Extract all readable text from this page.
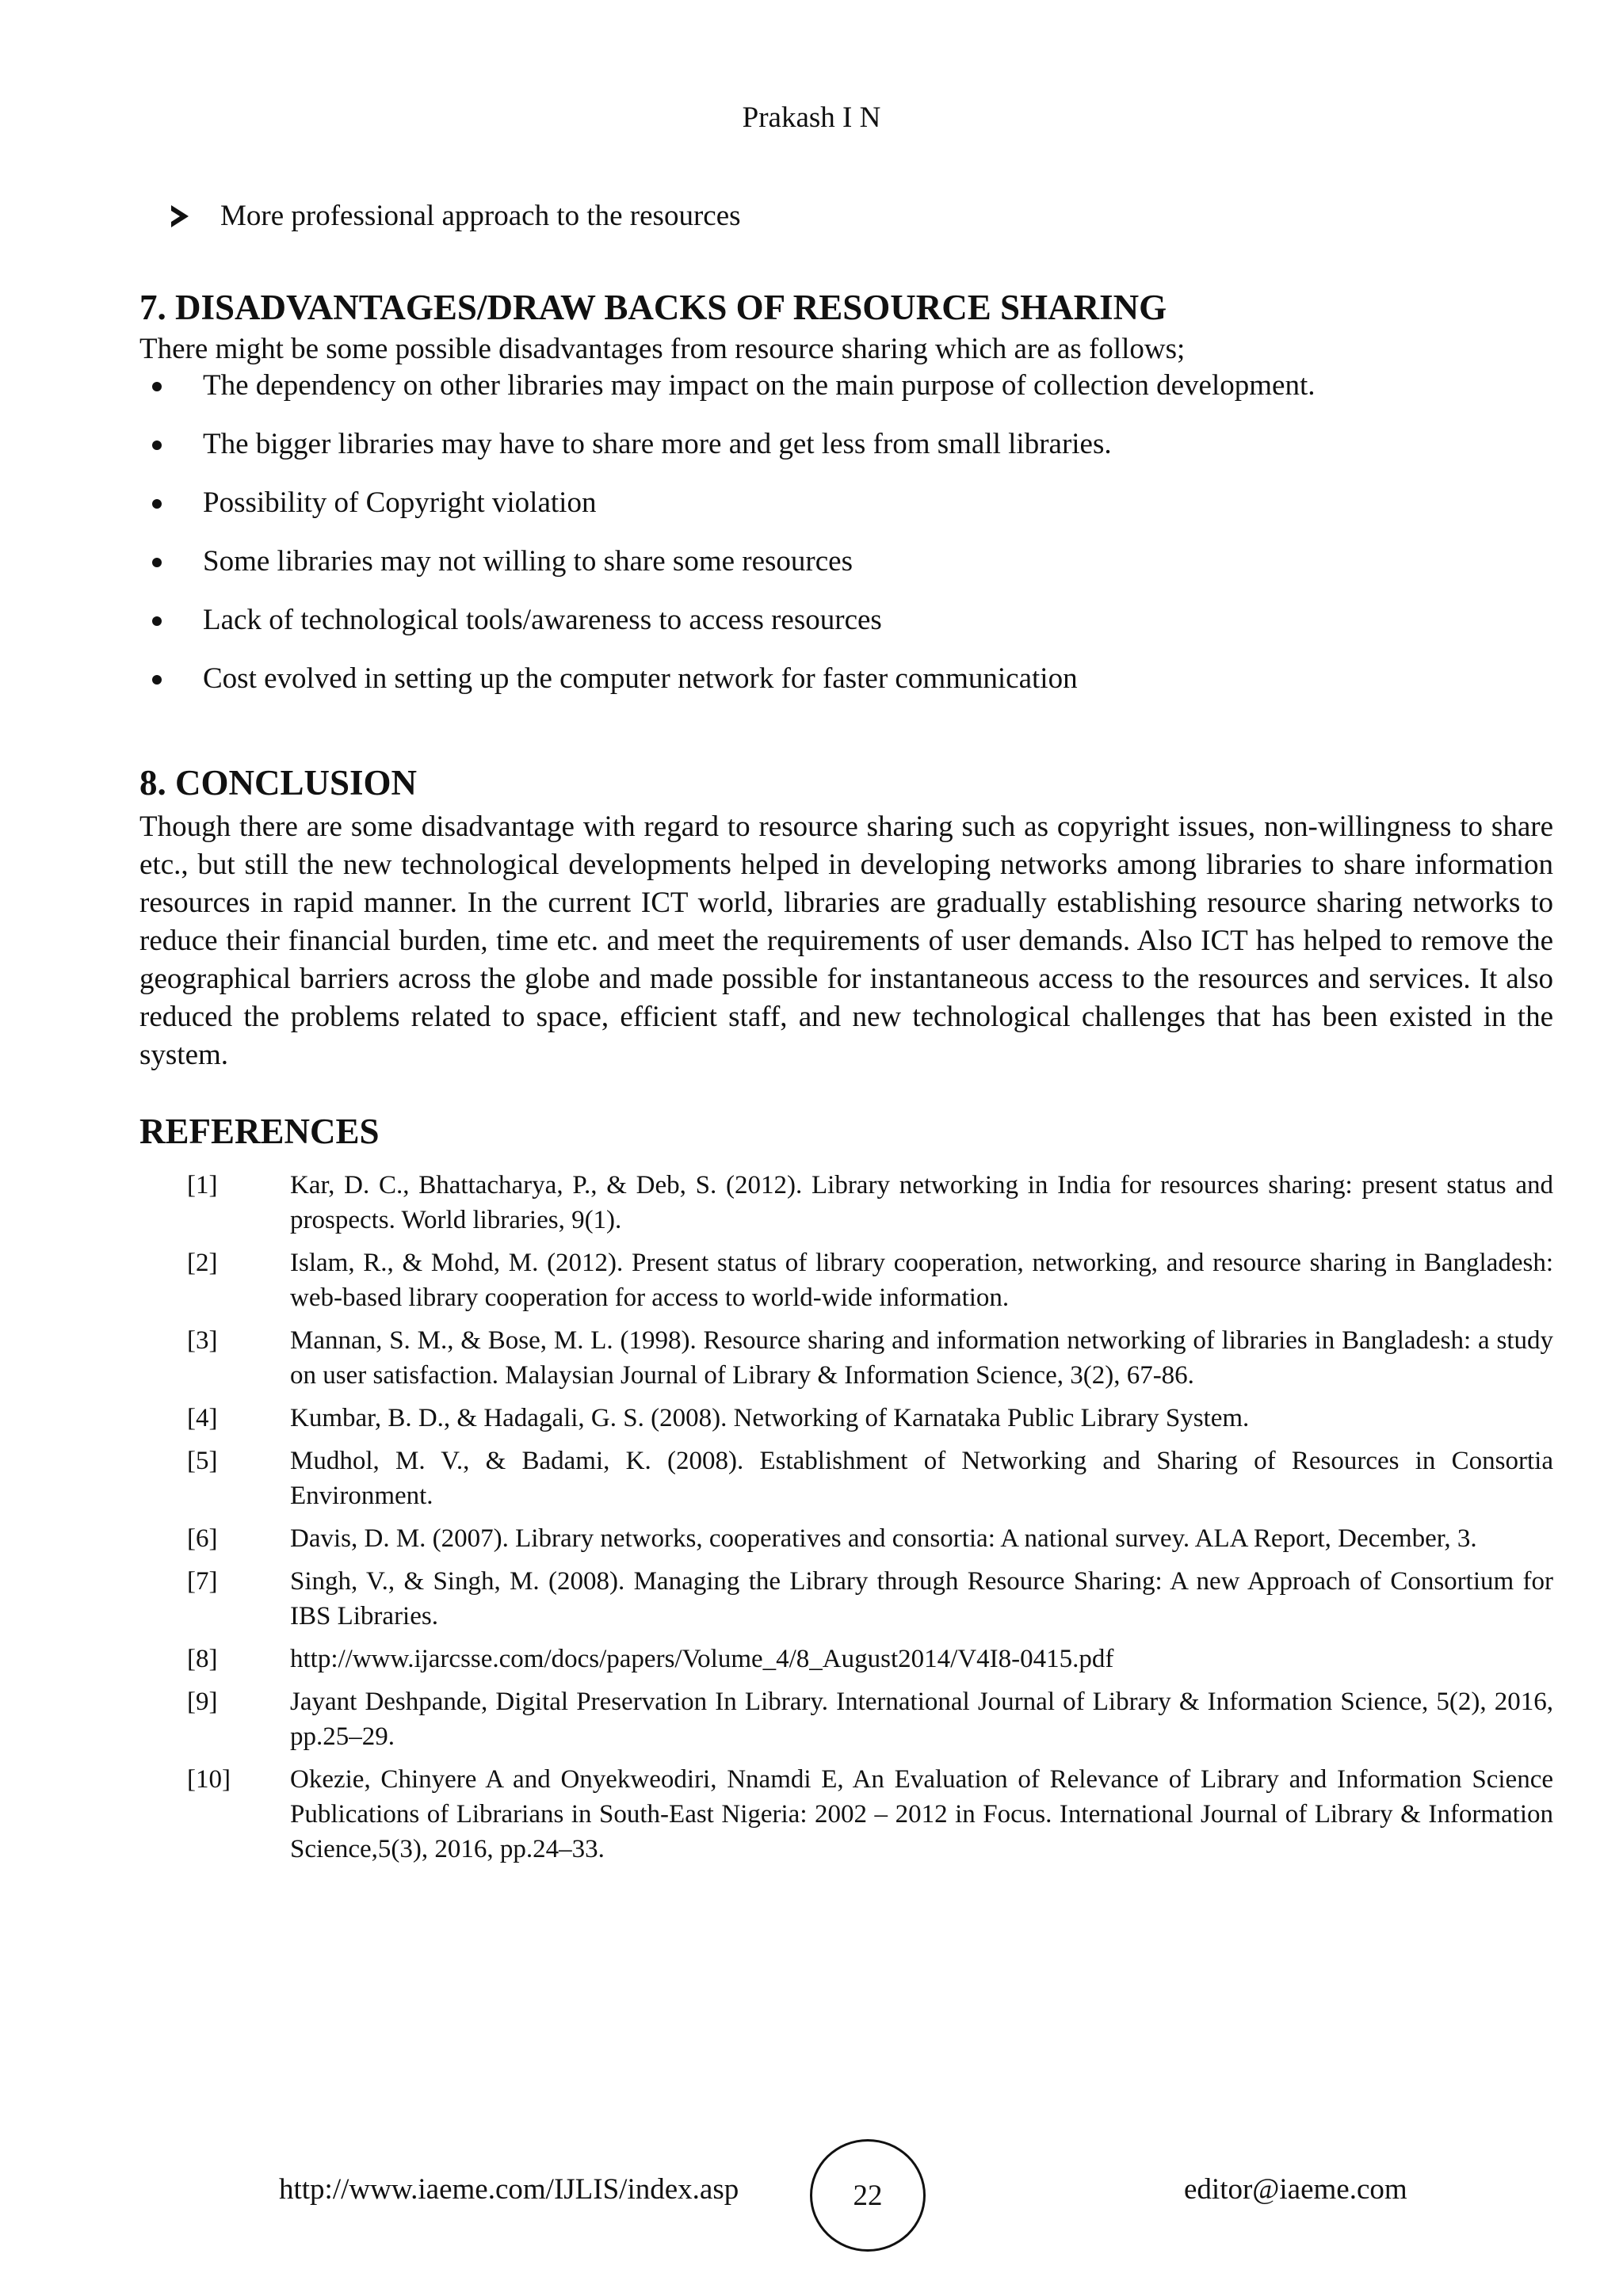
Prakash I N
More professional approach to the resources
7. DISADVANTAGES/DRAW BACKS OF RESOURCE SHARING
There might be some possible disadvantages from resource sharing which are as follows;
The dependency on other libraries may impact on the main purpose of collection development.
The bigger libraries may have to share more and get less from small libraries.
Possibility of Copyright violation
Some libraries may not willing to share some resources
Lack of technological tools/awareness to access resources
Cost evolved in setting up the computer network for faster communication
8. CONCLUSION

Though there are some disadvantage with regard to resource sharing such as copyright issues, non-willingness to share etc., but still the new technological developments helped in developing networks among libraries to share information resources in rapid manner. In the current ICT world, libraries are gradually establishing resource sharing networks to reduce their financial burden, time etc. and meet the requirements of user demands. Also ICT has helped to remove the geographical barriers across the globe and made possible for instantaneous access to the resources and services. It also reduced the problems related to space, efficient staff, and new technological challenges that has been existed in the system.

REFERENCES
[1]	Kar, D. C., Bhattacharya, P., & Deb, S. (2012). Library networking in India for resources sharing: present status and prospects. World libraries, 9(1).
[2]	Islam, R., & Mohd, M. (2012). Present status of library cooperation, networking, and resource sharing in Bangladesh: web-based library cooperation for access to world-wide information.
[3]	Mannan, S. M., & Bose, M. L. (1998). Resource sharing and information networking of libraries in Bangladesh: a study on user satisfaction. Malaysian Journal of Library & Information Science, 3(2), 67-86.
[4]	Kumbar, B. D., & Hadagali, G. S. (2008). Networking of Karnataka Public Library System.
[5]	Mudhol, M. V., & Badami, K. (2008). Establishment of Networking and Sharing of Resources in Consortia Environment.
[6]	Davis, D. M. (2007). Library networks, cooperatives and consortia: A national survey. ALA Report, December, 3.
[7]	Singh, V., & Singh, M. (2008). Managing the Library through Resource Sharing: A new Approach of Consortium for IBS Libraries.
[8]	http://www.ijarcsse.com/docs/papers/Volume_4/8_August2014/V4I8-0415.pdf
[9]	Jayant Deshpande, Digital Preservation In Library. International Journal of Library & Information Science, 5(2), 2016, pp.25–29.
[10]	Okezie, Chinyere A and Onyekweodiri, Nnamdi E, An Evaluation of Relevance of Library and Information Science Publications of Librarians in South-East Nigeria: 2002 – 2012 in Focus. International Journal of Library & Information Science,5(3), 2016, pp.24–33.
http://www.iaeme.com/IJLIS/index.asp	22	editor@iaeme.com
